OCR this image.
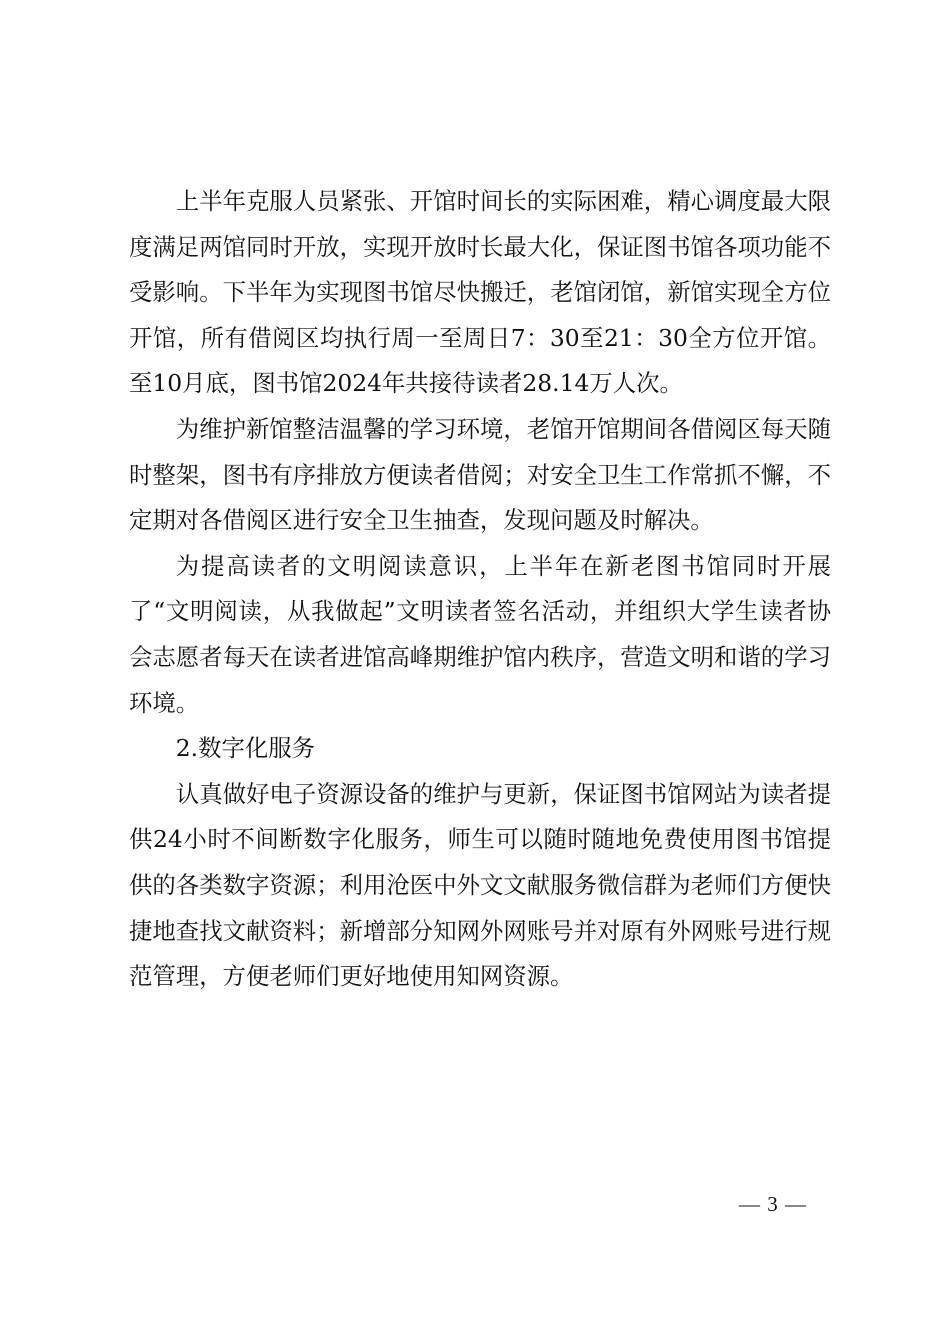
上半年克服人员紧张、开馆时间长的实际困难，精心调度最大限度满足两馆同时开放，实现开放时长最大化，保证图书馆各项功能不受影响。下半年为实现图书馆尽快搬迁，老馆闭馆，新馆实现全方位开馆，所有借阅区均执行周一至周日7：30至21：30全方位开馆。至10月底，图书馆2024年共接待读者28.14万人次。

为维护新馆整洁温馨的学习环境，老馆开馆期间各借阅区每天随时整架，图书有序排放方便读者借阅；对安全卫生工作常抓不懈，不定期对各借阅区进行安全卫生抽查，发现问题及时解决。

为提高读者的文明阅读意识，上半年在新老图书馆同时开展了“文明阅读，从我做起”文明读者签名活动，并组织大学生读者协会志愿者每天在读者进馆高峰期维护馆内秩序，营造文明和谐的学习环境。

2.数字化服务

认真做好电子资源设备的维护与更新，保证图书馆网站为读者提供24小时不间断数字化服务，师生可以随时随地免费使用图书馆提供的各类数字资源；利用沧医中外文文献服务微信群为老师们方便快捷地查找文献资料；新增部分知网外网账号并对原有外网账号进行规范管理，方便老师们更好地使用知网资源。

— 3 —
